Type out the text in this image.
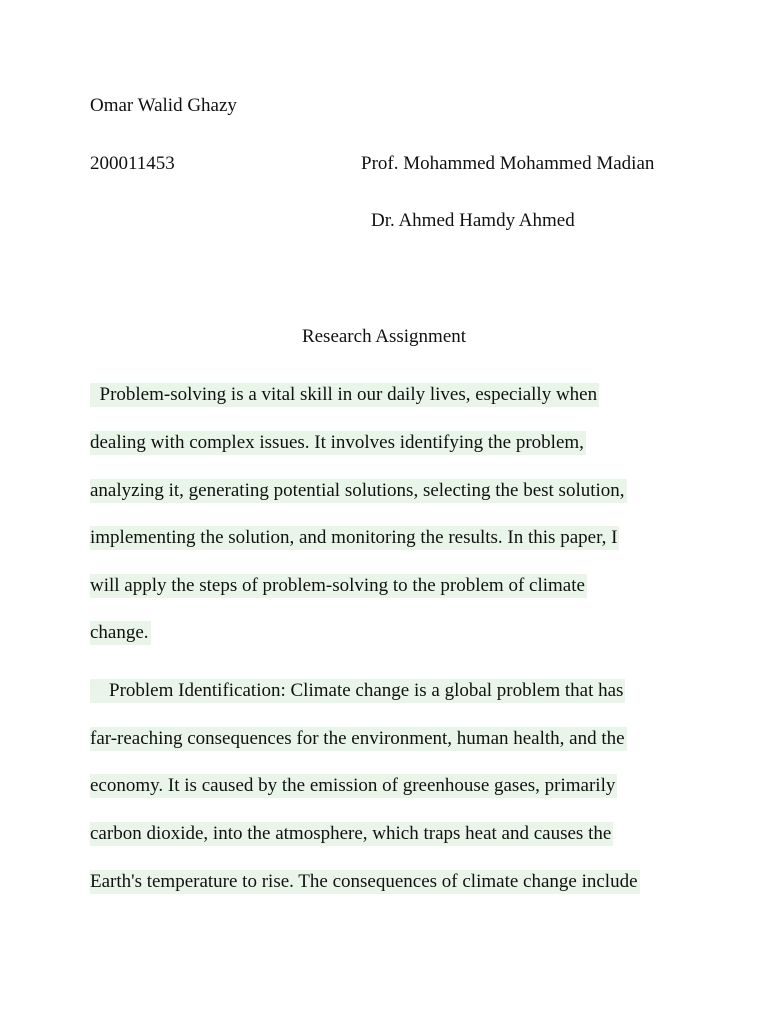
Omar Walid Ghazy
200011453	Prof. Mohammed Mohammed Madian
Dr. Ahmed Hamdy Ahmed
Research Assignment
Problem-solving is a vital skill in our daily lives, especially when
dealing with complex issues. It involves identifying the problem,
analyzing it, generating potential solutions, selecting the best solution,
implementing the solution, and monitoring the results. In this paper, I
will apply the steps of problem-solving to the problem of climate
change.
Problem Identification: Climate change is a global problem that has
far-reaching consequences for the environment, human health, and the
economy. It is caused by the emission of greenhouse gases, primarily
carbon dioxide, into the atmosphere, which traps heat and causes the
Earth's temperature to rise. The consequences of climate change include
